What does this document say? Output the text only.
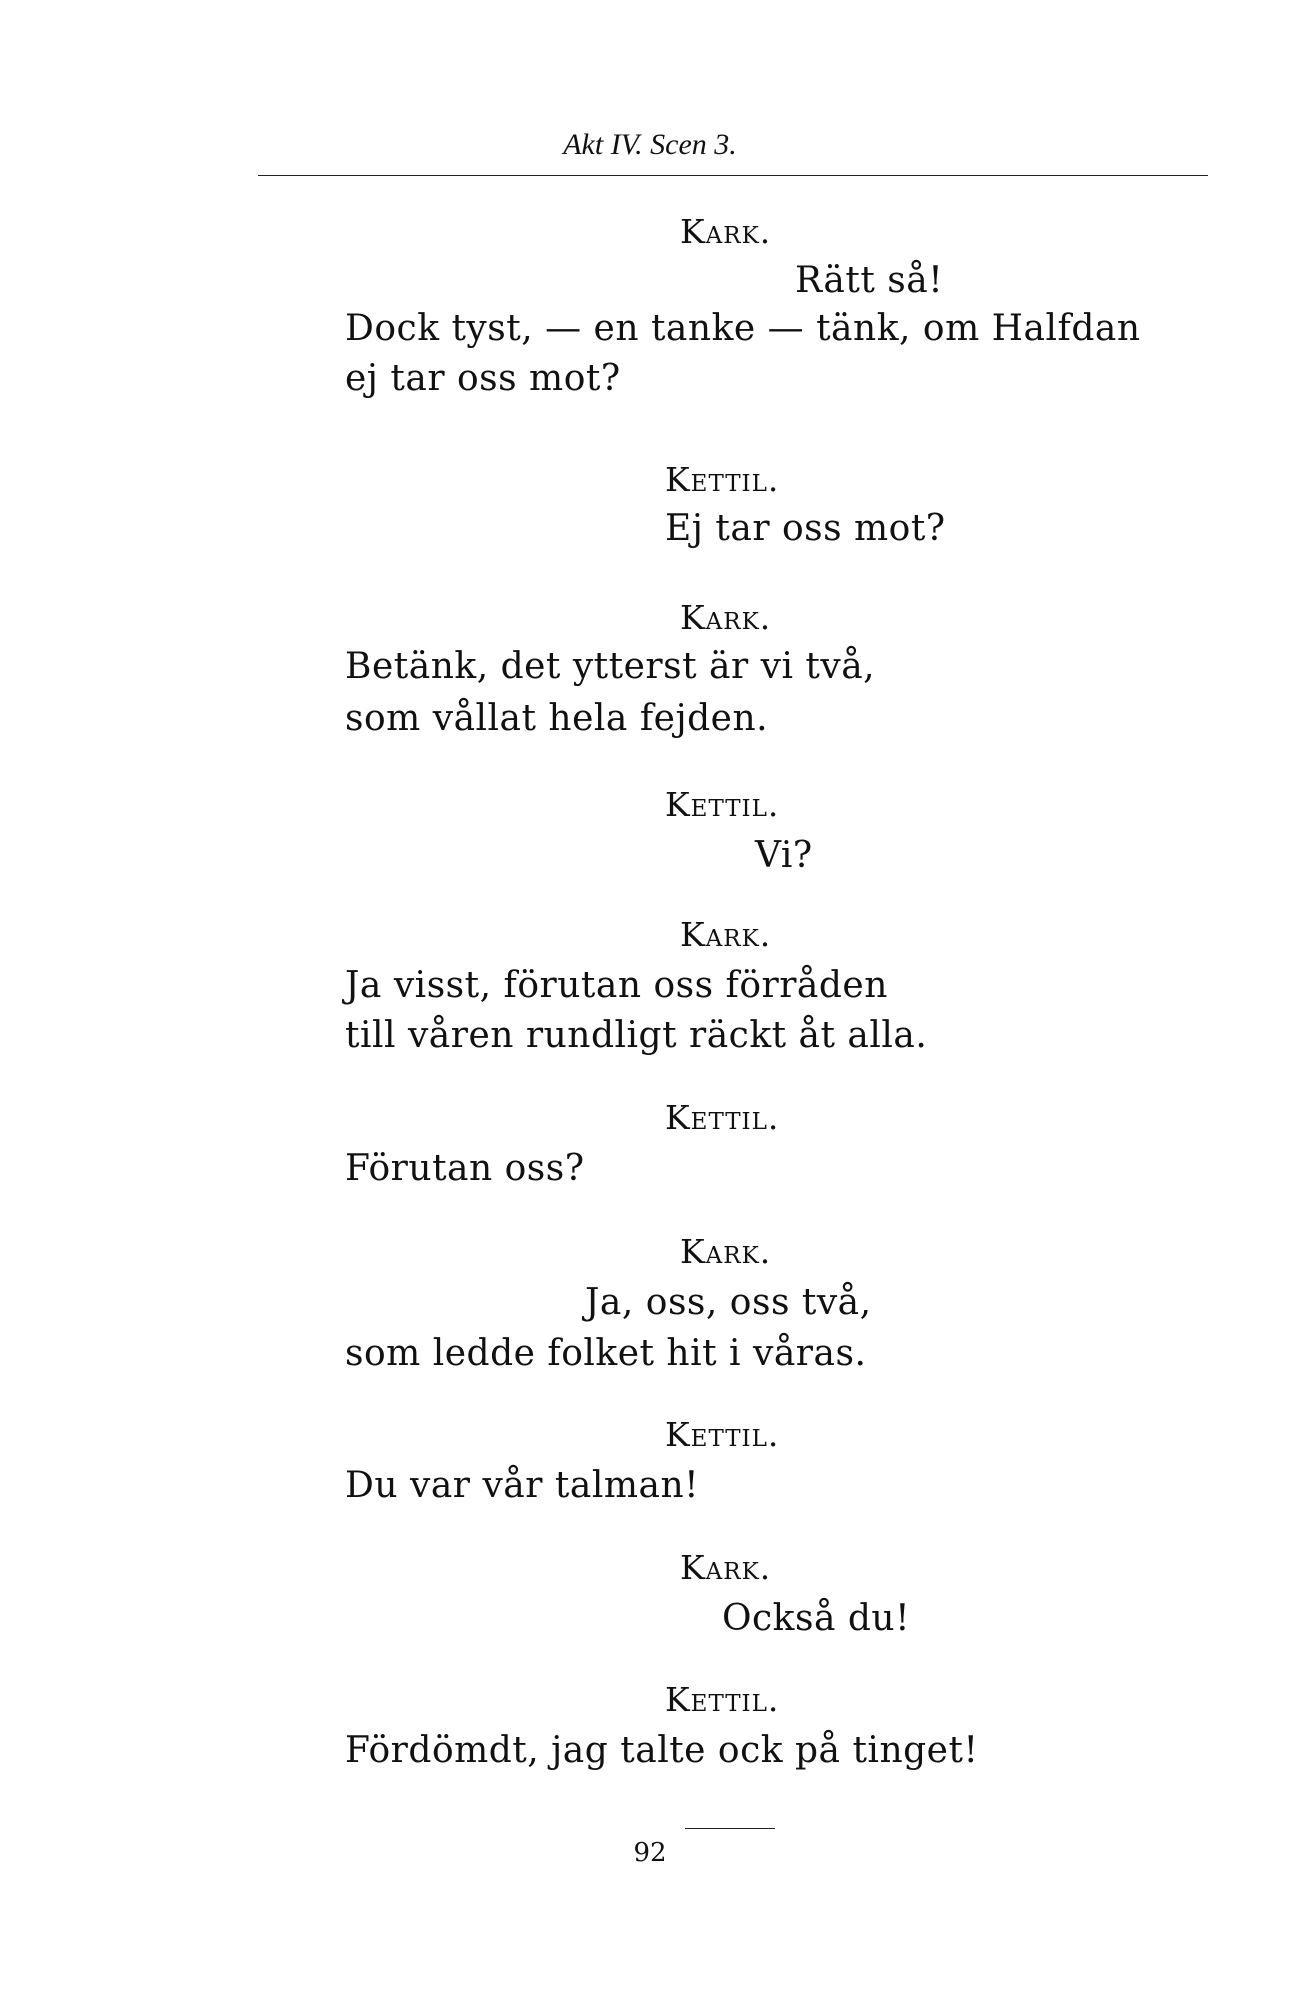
Akt IV. Scen 3.
Kark.
Rätt så!
Dock tyst, — en tanke — tänk, om Halfdan
ej tar oss mot?
Kettil.
Ej tar oss mot?
Kark.
Betänk, det ytterst är vi två,
som vållat hela fejden.
Kettil.
Vi?
Kark.
Ja visst, förutan oss förråden
till våren rundligt räckt åt alla.
Kettil.
Förutan oss?
Kark.
Ja, oss, oss två,
som ledde folket hit i våras.
Kettil.
Du var vår talman!
Kark.
Också du!
Kettil.
Fördömdt, jag talte ock på tinget!
92
